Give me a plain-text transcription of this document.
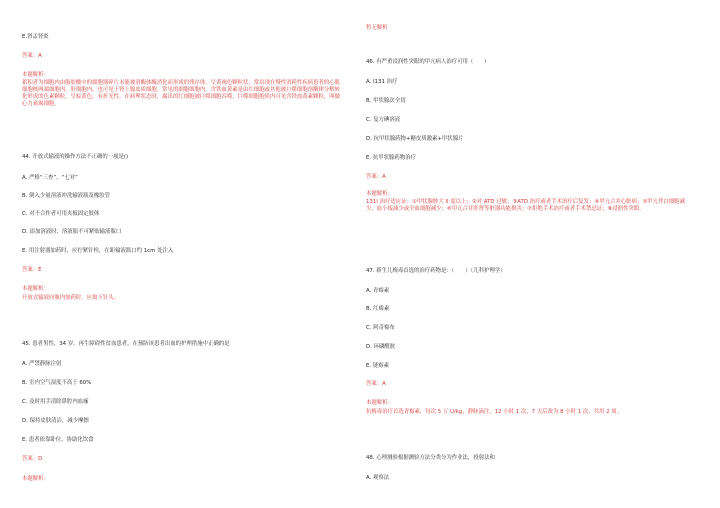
E.肾盂肾炎
答案：A
本题解析：
蓄积者为细胞内由脂肪酸中的细胞器碎片未能被溶酶体酶消化而形成的残存体，呈黄褐色颗粒状，常出现在慢性消耗性疾病患者的心肌细胞核两端细胞内。肝细胞内，也可见于肾上腺皮质细胞。常见的细胞细胞内，含铁血黄素是由红细胞或其他被巨噬细胞溶酶体分解转化形成的色素颗粒，呈棕黄色，有折光性。在病理状态时，漏出的红细胞被巨噬细胞吞噬，巨噬细胞胞质内可见含铁血黄素颗粒，叫做心力衰竭细胞。
44. 开放式输液的操作方法不正确的一项是()
A. 严格“三查”、“七对”
B. 倒入少量溶液冲洗输液瓶及橡胶管
C. 对不合作者可用夹板固定肢体
D. 添加溶液时，溶液瓶不可紧贴输液瓶口
E. 用注射器加药时，应拧紧针栓，在距输液瓶口约 1cm 处注入
答案：E
本题解析：
开放式输液向瓶内加药时，应取下针头。
45. 患者男性，34 岁。再生障碍性贫血患者，在预防该患者出血的护理措施中正确的是
A. 严禁静脉注射
B. 室内空气湿度不高于 60%
C. 及时用手清除鼻腔内血痂
D. 保持皮肤清洁，减少摩擦
E. 患者依靠卧位、协助化饮食
答案：D
本题解析：
暂无解析
46. 有严重浸润性突眼的甲亢病人治疗可用（　　）
A. I131 治疗
B. 甲状腺次全切
C. 复方碘溶液
D. 抗甲状腺药物+糖皮质激素+甲状腺片
E. 抗甲状腺药物治疗
答案：A
本题解析：
131I 治疗适应证：①甲状腺肿大 II 度以上；②对 ATD 过敏；③ATD 治疗或者手术治疗后复发；④甲亢合并心脏病；⑤甲亢伴白细胞减少、血小板减少或全血细胞减少；⑥甲亢合并肝肾等脏器功能损害；⑦拒绝手术治疗或者手术禁忌证；⑧浸润性突眼。
47. 新生儿梅毒首选的治疗药物是：（　　）（儿科护理学）
A. 青霉素
B. 红霉素
C. 阿奇霉布
D. 环磷酰胺
E. 链霉素
答案：A
本题解析：
抗梅毒治疗首选青霉素，每次 5 万 U/kg，静脉滴注，12 小时 1 次，7 天后改为 8 小时 1 次，共用 2 周。
48. 心理测验根据测验方法分类分为作业法，投射法和
A. 观察法
